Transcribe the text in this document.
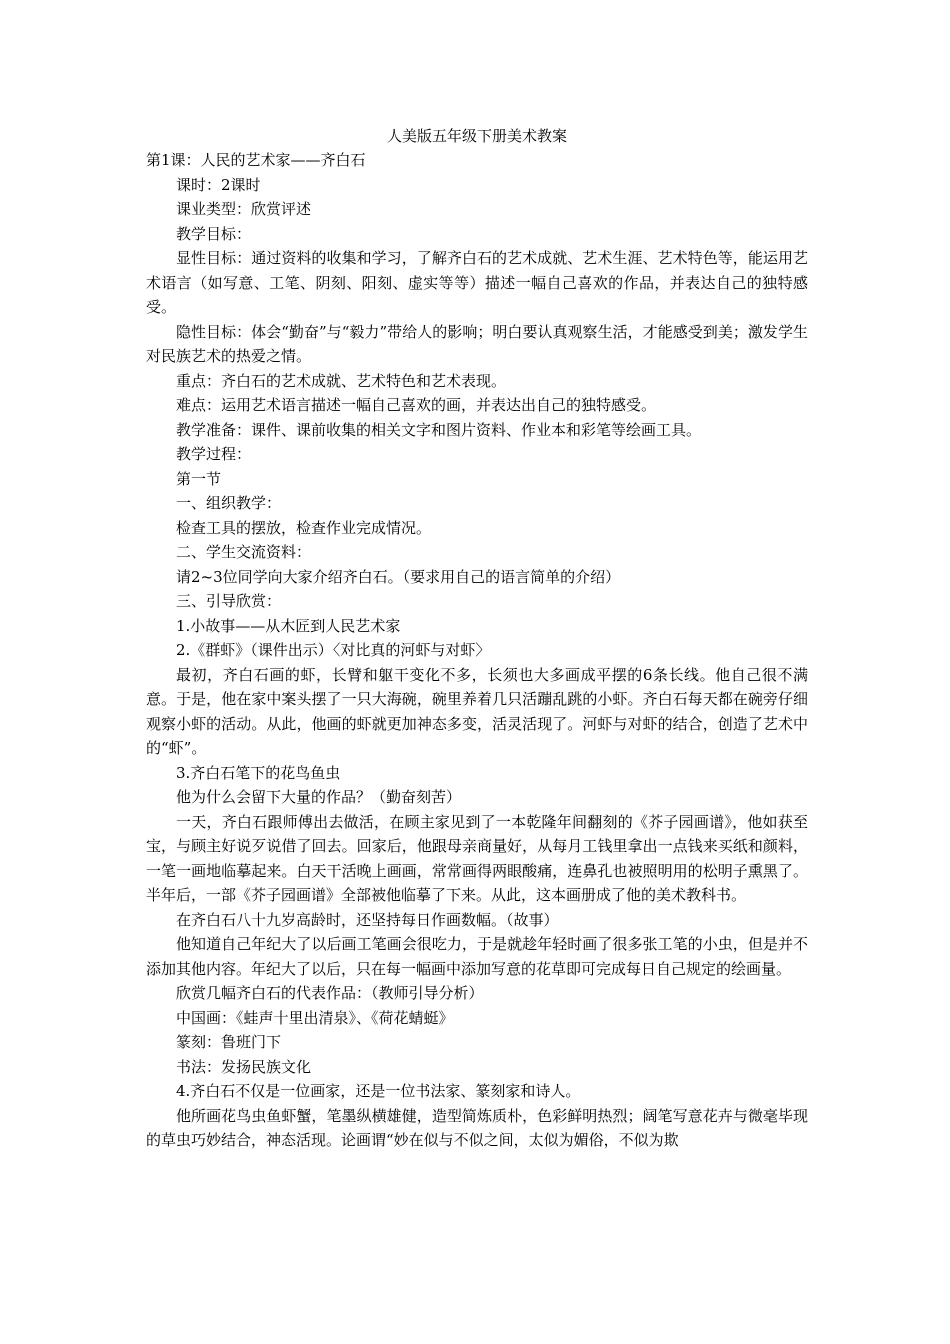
人美版五年级下册美术教案

第1课：人民的艺术家——齐白石

课时：2课时

课业类型：欣赏评述

教学目标：

显性目标：通过资料的收集和学习，了解齐白石的艺术成就、艺术生涯、艺术特色等，能运用艺术语言（如写意、工笔、阴刻、阳刻、虚实等等）描述一幅自己喜欢的作品，并表达自己的独特感受。

隐性目标：体会“勤奋”与“毅力”带给人的影响；明白要认真观察生活，才能感受到美；激发学生对民族艺术的热爱之情。

重点：齐白石的艺术成就、艺术特色和艺术表现。

难点：运用艺术语言描述一幅自己喜欢的画，并表达出自己的独特感受。

教学准备：课件、课前收集的相关文字和图片资料、作业本和彩笔等绘画工具。

教学过程：

第一节

一、组织教学：

检查工具的摆放，检查作业完成情况。

二、学生交流资料：

请2~3位同学向大家介绍齐白石。（要求用自己的语言简单的介绍）

三、引导欣赏：

1.小故事——从木匠到人民艺术家

2.《群虾》（课件出示）〈对比真的河虾与对虾〉

最初，齐白石画的虾，长臂和躯干变化不多，长须也大多画成平摆的6条长线。他自己很不满意。于是，他在家中案头摆了一只大海碗，碗里养着几只活蹦乱跳的小虾。齐白石每天都在碗旁仔细观察小虾的活动。从此，他画的虾就更加神态多变，活灵活现了。河虾与对虾的结合，创造了艺术中的“虾”。

3.齐白石笔下的花鸟鱼虫

他为什么会留下大量的作品？（勤奋刻苦）

一天，齐白石跟师傅出去做活，在顾主家见到了一本乾隆年间翻刻的《芥子园画谱》，他如获至宝，与顾主好说歹说借了回去。回家后，他跟母亲商量好，从每月工钱里拿出一点钱来买纸和颜料，一笔一画地临摹起来。白天干活晚上画画，常常画得两眼酸痛，连鼻孔也被照明用的松明子熏黑了。半年后，一部《芥子园画谱》全部被他临摹了下来。从此，这本画册成了他的美术教科书。

在齐白石八十九岁高龄时，还坚持每日作画数幅。（故事）

他知道自己年纪大了以后画工笔画会很吃力，于是就趁年轻时画了很多张工笔的小虫，但是并不添加其他内容。年纪大了以后，只在每一幅画中添加写意的花草即可完成每日自己规定的绘画量。

欣赏几幅齐白石的代表作品：（教师引导分析）

中国画：《蛙声十里出清泉》、《荷花蜻蜓》

篆刻：鲁班门下

书法：发扬民族文化

4.齐白石不仅是一位画家，还是一位书法家、篆刻家和诗人。

他所画花鸟虫鱼虾蟹，笔墨纵横雄健，造型简炼质朴，色彩鲜明热烈；阔笔写意花卉与微毫毕现的草虫巧妙结合，神态活现。论画谓“妙在似与不似之间，太似为媚俗，不似为欺
